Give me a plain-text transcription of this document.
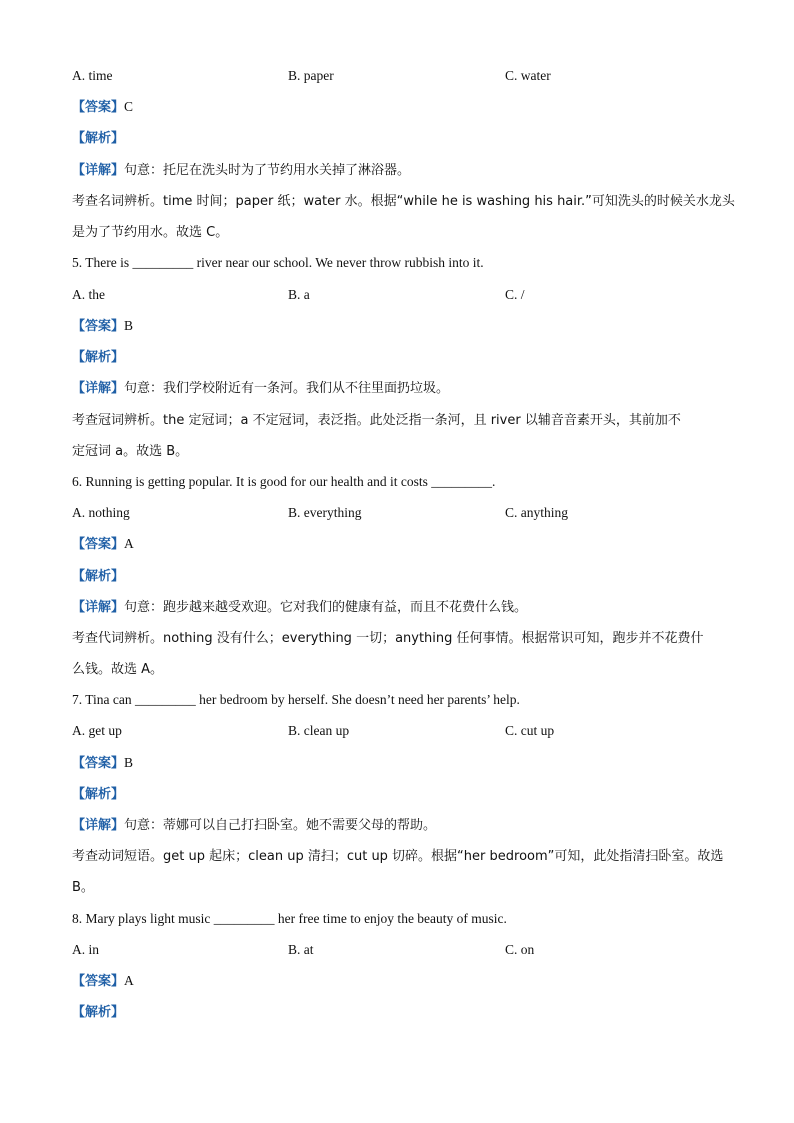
A. time	B. paper	C. water
【答案】C
【解析】
【详解】句意：托尼在洗头时为了节约用水关掉了淋浴器。
考查名词辨析。time 时间；paper 纸；water 水。根据“while he is washing his hair.”可知洗头的时候关水龙头
是为了节约用水。故选 C。
5. There is _________ river near our school. We never throw rubbish into it.
A. the	B. a	C. /
【答案】B
【解析】
【详解】句意：我们学校附近有一条河。我们从不往里面扔垃圾。
考查冠词辨析。the 定冠词；a 不定冠词，表泛指。此处泛指一条河，且 river 以辅音音素开头，其前加不
定冠词 a。故选 B。
6. Running is getting popular. It is good for our health and it costs _________.
A. nothing	B. everything	C. anything
【答案】A
【解析】
【详解】句意：跑步越来越受欢迎。它对我们的健康有益，而且不花费什么钱。
考查代词辨析。nothing 没有什么；everything 一切；anything 任何事情。根据常识可知，跑步并不花费什
么钱。故选 A。
7. Tina can _________ her bedroom by herself. She doesn’t need her parents’ help.
A. get up	B. clean up	C. cut up
【答案】B
【解析】
【详解】句意：蒂娜可以自己打扫卧室。她不需要父母的帮助。
考查动词短语。get up 起床；clean up 清扫；cut up 切碎。根据“her bedroom”可知，此处指清扫卧室。故选
B。
8. Mary plays light music _________ her free time to enjoy the beauty of music.
A. in	B. at	C. on
【答案】A
【解析】
